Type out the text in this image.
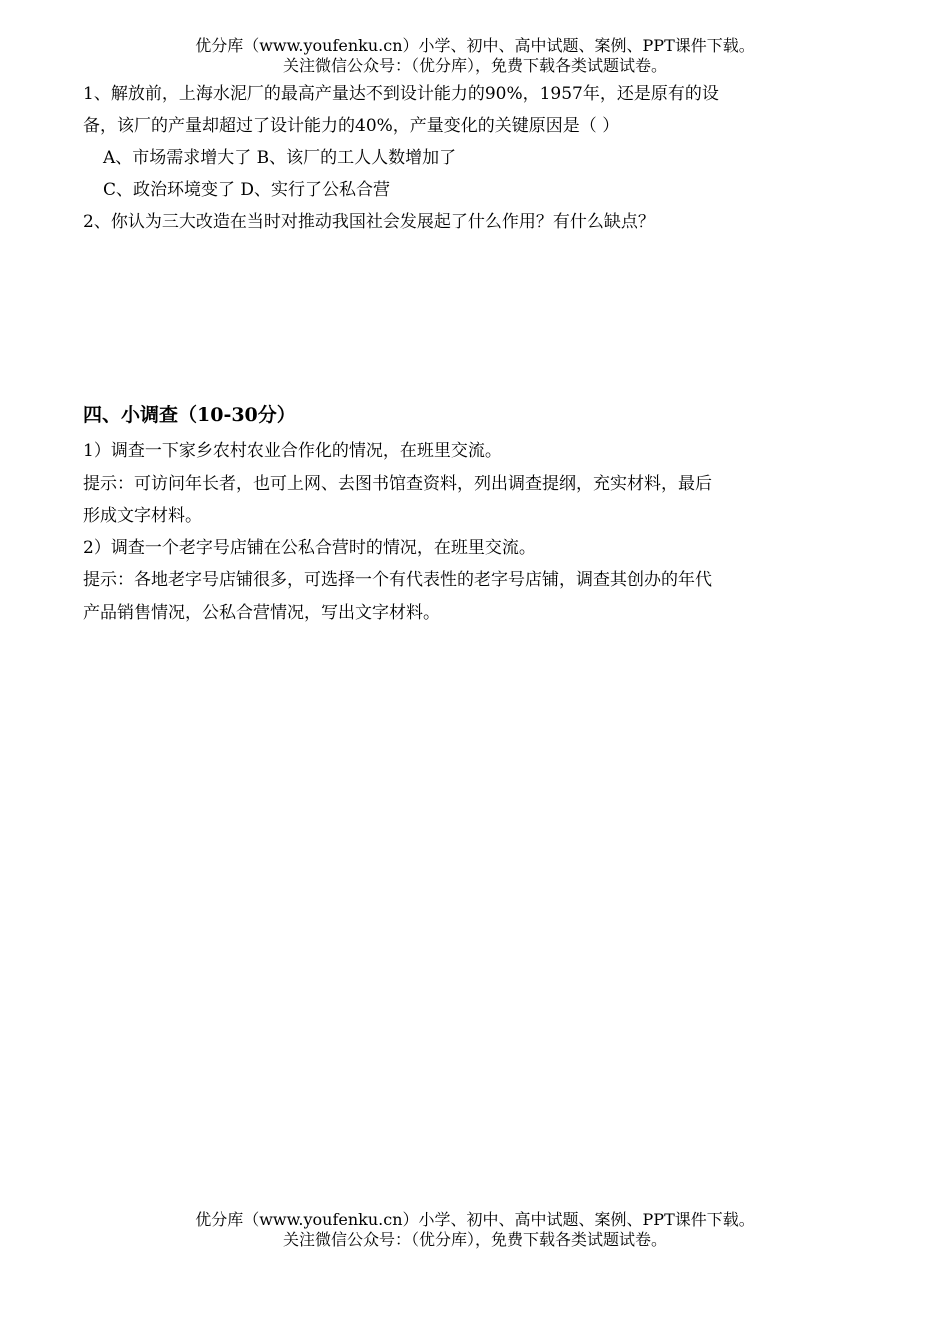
优分库（www.youfenku.cn）小学、初中、高中试题、案例、PPT课件下载。
关注微信公众号：（优分库），免费下载各类试题试卷。
1、解放前，上海水泥厂的最高产量达不到设计能力的90%，1957年，还是原有的设
备，该厂的产量却超过了设计能力的40%，产量变化的关键原因是（ ）
A、市场需求增大了 B、该厂的工人人数增加了
C、政治环境变了 D、实行了公私合营
2、你认为三大改造在当时对推动我国社会发展起了什么作用？有什么缺点？
四、小调查（10-30分）
1）调查一下家乡农村农业合作化的情况，在班里交流。
提示：可访问年长者，也可上网、去图书馆查资料，列出调查提纲，充实材料，最后
形成文字材料。
2）调查一个老字号店铺在公私合营时的情况，在班里交流。
提示：各地老字号店铺很多，可选择一个有代表性的老字号店铺，调查其创办的年代
产品销售情况，公私合营情况，写出文字材料。
优分库（www.youfenku.cn）小学、初中、高中试题、案例、PPT课件下载。
关注微信公众号：（优分库），免费下载各类试题试卷。
